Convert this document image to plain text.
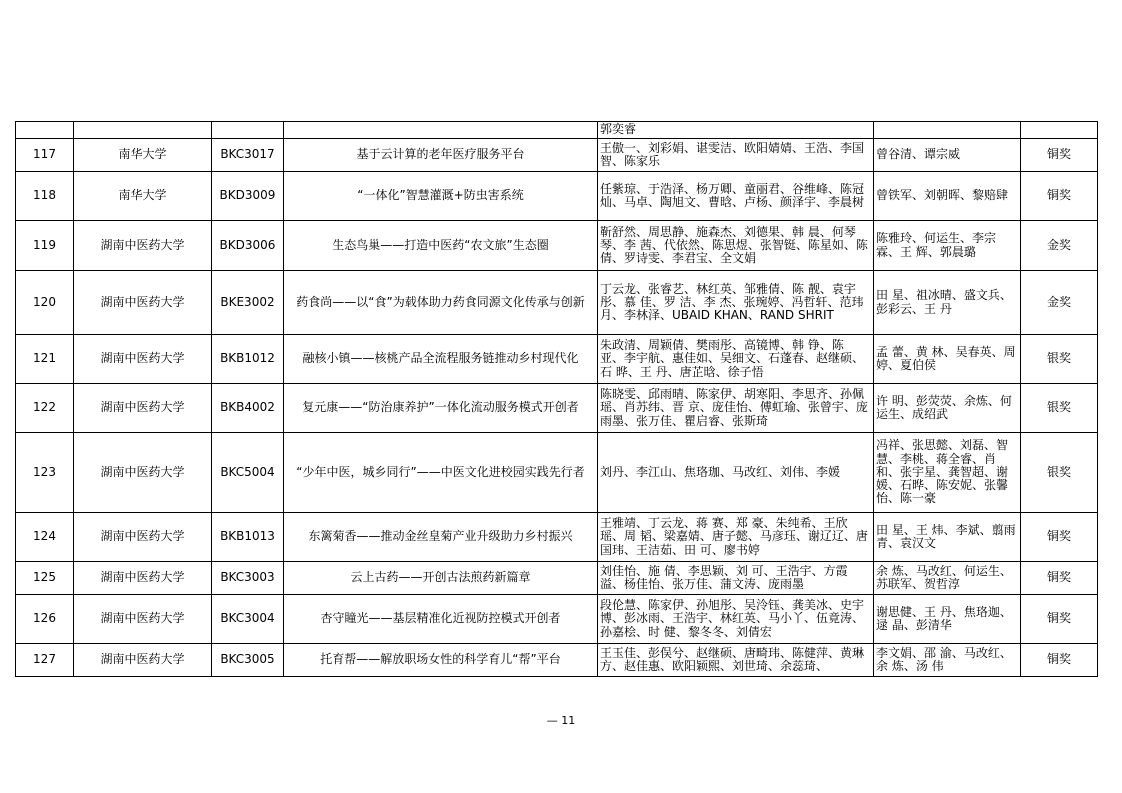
				郭奕睿		

117	南华大学	BKC3017	基于云计算的老年医疗服务平台	王傲一、刘彩娟、谌雯洁、欧阳婧婧、王浩、李国智、陈家乐	曾谷清、谭宗威	铜奖

118	南华大学	BKD3009	“一体化”智慧灌溉+防虫害系统	任紫琼、于浩泽、杨万卿、童丽君、谷维峰、陈冠灿、马卓、陶旭文、曹晗、卢杨、颜泽宇、李晨树	曾铁军、刘朝晖、黎赔肆	铜奖

119	湖南中医药大学	BKD3006	生态鸟巢——打造中医药“农文旅”生态圈	靳舒然、周思静、施森杰、刘德果、韩 晨、何琴琴、李 茜、代依然、陈思煜、张智铤、陈星如、陈 倩、罗诗雯、李君宝、全文娟	陈雅玲、何运生、李宗霖、王 辉、郭晨璐	金奖

120	湖南中医药大学	BKE3002	药食尚——以“食”为载体助力药食同源文化传承与创新	丁云龙、张睿艺、林红英、邹雅倩、陈 靓、袁宇彤、慕 佳、罗 洁、李 杰、张琬婷、冯哲轩、范玮月、李林泽、UBAID KHAN、RAND SHRIT	田 星、祖冰晴、盛文兵、彭彩云、王 丹	金奖

121	湖南中医药大学	BKB1012	融核小镇——核桃产品全流程服务链推动乡村现代化	朱政清、周颖倩、樊雨彤、高镜博、韩 铮、陈 亚、李宇航、惠佳如、吴细文、石蓬春、赵继硕、石 晔、王 丹、唐芷晗、徐子悟	孟 蕾、黄 林、吴春英、周 婷、夏伯侯	银奖

122	湖南中医药大学	BKB4002	复元康——“防治康养护”一体化流动服务模式开创者	陈晓雯、邱雨晴、陈家伊、胡寒阳、李思齐、孙佩瑶、肖苏纬、晋 京、庞佳怡、傅虹瑜、张曾宇、庞雨墨、张万佳、瞿启睿、张斯琦	许 明、彭荧荧、余炼、何运生、成绍武	银奖

123	湖南中医药大学	BKC5004	“少年中医，城乡同行”——中医文化进校园实践先行者	刘丹、李江山、焦珞珈、马改红、刘伟、李媛	冯祥、张思懿、刘磊、智慧、李桃、蒋全睿、肖和、张宇星、龚智超、谢媛、石晔、陈安妮、张馨怡、陈一豪	银奖

124	湖南中医药大学	BKB1013	东篱菊香——推动金丝皇菊产业升级助力乡村振兴	王雅靖、丁云龙、蒋 赛、郑 豪、朱纯希、王欣瑶、周 韬、梁嘉婧、唐子懿、马彦珏、谢辽辽、唐国玮、王洁茹、田 可、廖书婷	田 星、王 炜、李斌、翦雨青、袁汉文	铜奖

125	湖南中医药大学	BKC3003	云上古药——开创古法煎药新篇章	刘佳怡、施 倩、李思颖、刘 可、王浩宇、方霞溢、杨佳怡、张万佳、蒲文涛、庞雨墨	余 炼、马改红、何运生、苏联军、贺哲淳	铜奖

126	湖南中医药大学	BKC3004	杏守瞳光——基层精准化近视防控模式开创者	段伦慧、陈家伊、孙旭彤、吴泠钰、龚美冰、史宇博、彭冰雨、王浩宇、林红英、马小丫、伍竟涛、孙嘉桧、时 健、黎冬冬、刘倩宏	谢思健、王 丹、焦珞迦、逯 晶、彭清华	铜奖

127	湖南中医药大学	BKC3005	托育帮——解放职场女性的科学育儿“帮”平台	王玉佳、彭俣兮、赵继硕、唐畸玮、陈健萍、黄琳方、赵佳惠、欧阳颖熙、刘世琦、余蕊琦、	李文娟、邵 渝、马改红、余 炼、汤 伟	铜奖
— 11
